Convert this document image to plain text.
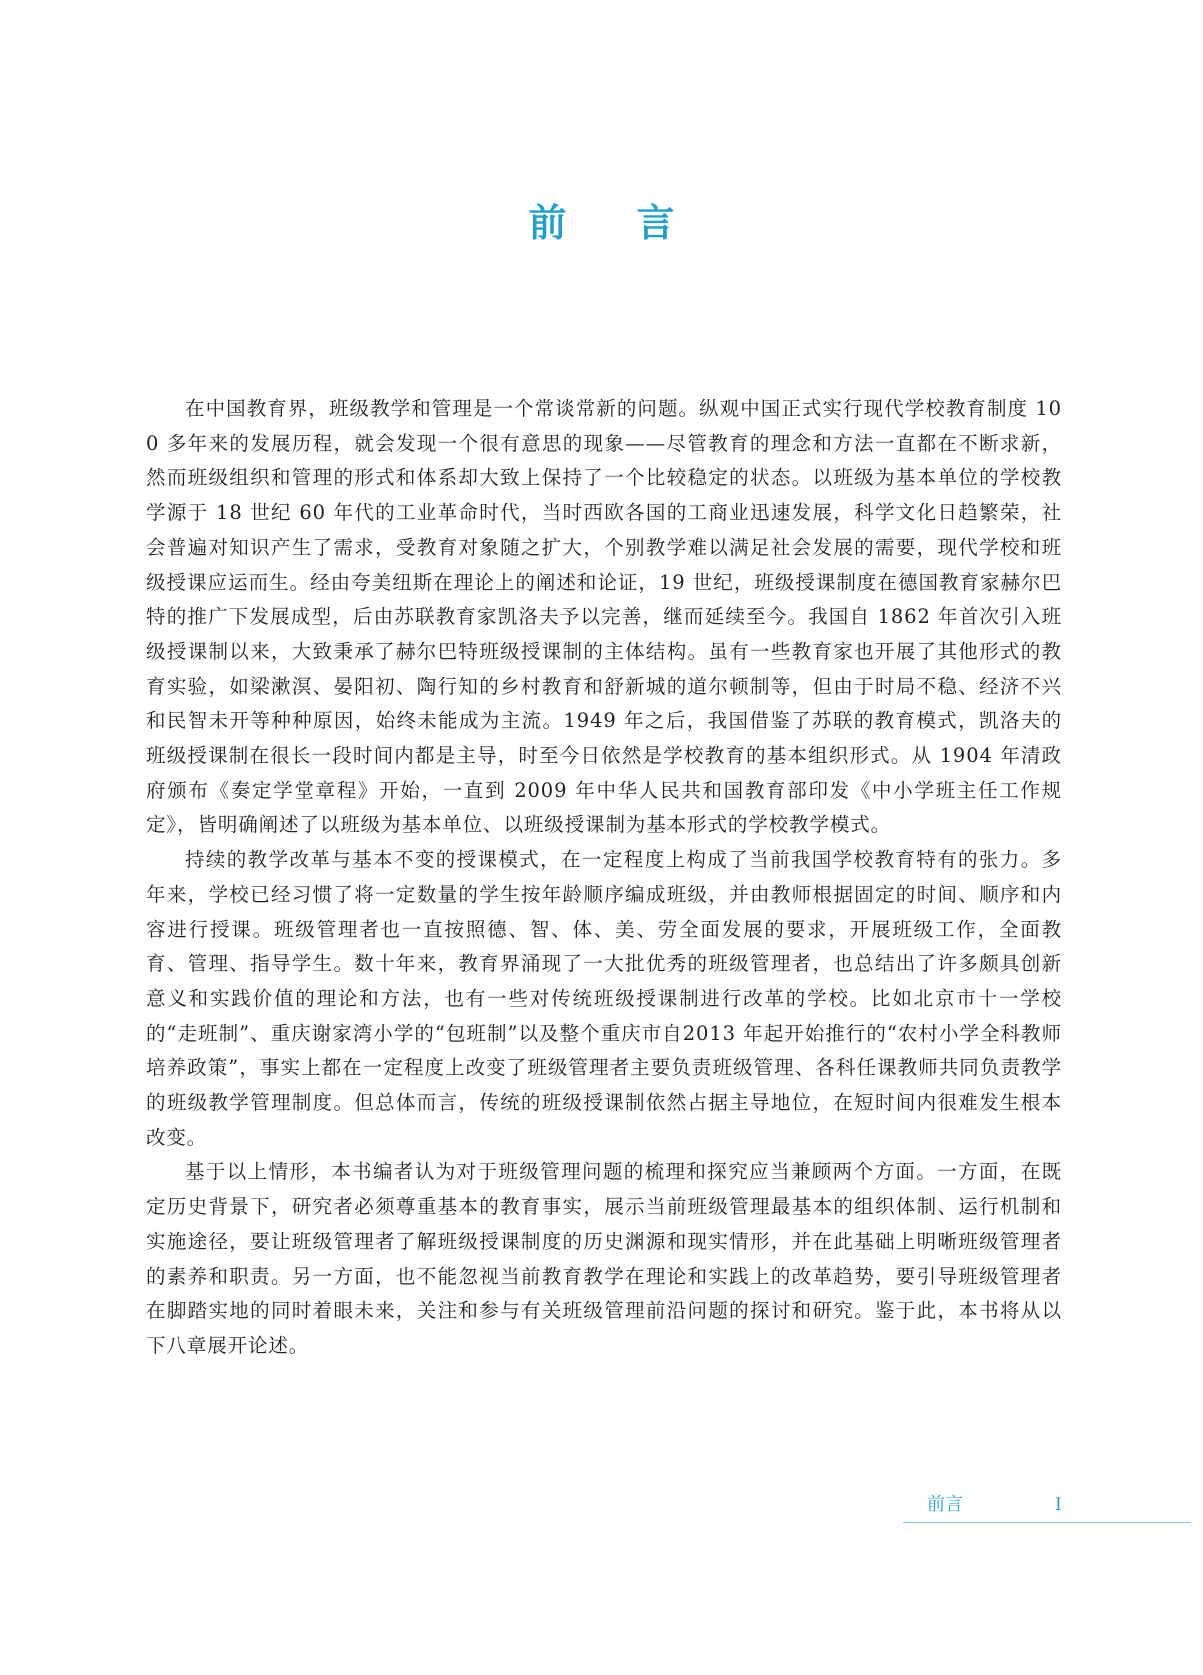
前言

在中国教育界，班级教学和管理是一个常谈常新的问题。纵观中国正式实行现代学校教育制度 100 多年来的发展历程，就会发现一个很有意思的现象——尽管教育的理念和方法一直都在不断求新，然而班级组织和管理的形式和体系却大致上保持了一个比较稳定的状态。以班级为基本单位的学校教学源于 18 世纪 60 年代的工业革命时代，当时西欧各国的工商业迅速发展，科学文化日趋繁荣，社会普遍对知识产生了需求，受教育对象随之扩大，个别教学难以满足社会发展的需要，现代学校和班级授课应运而生。经由夸美纽斯在理论上的阐述和论证，19 世纪，班级授课制度在德国教育家赫尔巴特的推广下发展成型，后由苏联教育家凯洛夫予以完善，继而延续至今。我国自 1862 年首次引入班级授课制以来，大致秉承了赫尔巴特班级授课制的主体结构。虽有一些教育家也开展了其他形式的教育实验，如梁漱溟、晏阳初、陶行知的乡村教育和舒新城的道尔顿制等，但由于时局不稳、经济不兴和民智未开等种种原因，始终未能成为主流。1949 年之后，我国借鉴了苏联的教育模式，凯洛夫的班级授课制在很长一段时间内都是主导，时至今日依然是学校教育的基本组织形式。从 1904 年清政府颁布《奏定学堂章程》开始，一直到 2009 年中华人民共和国教育部印发《中小学班主任工作规定》，皆明确阐述了以班级为基本单位、以班级授课制为基本形式的学校教学模式。

持续的教学改革与基本不变的授课模式，在一定程度上构成了当前我国学校教育特有的张力。多年来，学校已经习惯了将一定数量的学生按年龄顺序编成班级，并由教师根据固定的时间、顺序和内容进行授课。班级管理者也一直按照德、智、体、美、劳全面发展的要求，开展班级工作，全面教育、管理、指导学生。数十年来，教育界涌现了一大批优秀的班级管理者，也总结出了许多颇具创新意义和实践价值的理论和方法，也有一些对传统班级授课制进行改革的学校。比如北京市十一学校的“走班制”、重庆谢家湾小学的“包班制”以及整个重庆市自2013 年起开始推行的“农村小学全科教师培养政策”，事实上都在一定程度上改变了班级管理者主要负责班级管理、各科任课教师共同负责教学的班级教学管理制度。但总体而言，传统的班级授课制依然占据主导地位，在短时间内很难发生根本改变。

基于以上情形，本书编者认为对于班级管理问题的梳理和探究应当兼顾两个方面。一方面，在既定历史背景下，研究者必须尊重基本的教育事实，展示当前班级管理最基本的组织体制、运行机制和实施途径，要让班级管理者了解班级授课制度的历史渊源和现实情形，并在此基础上明晰班级管理者的素养和职责。另一方面，也不能忽视当前教育教学在理论和实践上的改革趋势，要引导班级管理者在脚踏实地的同时着眼未来，关注和参与有关班级管理前沿问题的探讨和研究。鉴于此，本书将从以下八章展开论述。

前言	I
